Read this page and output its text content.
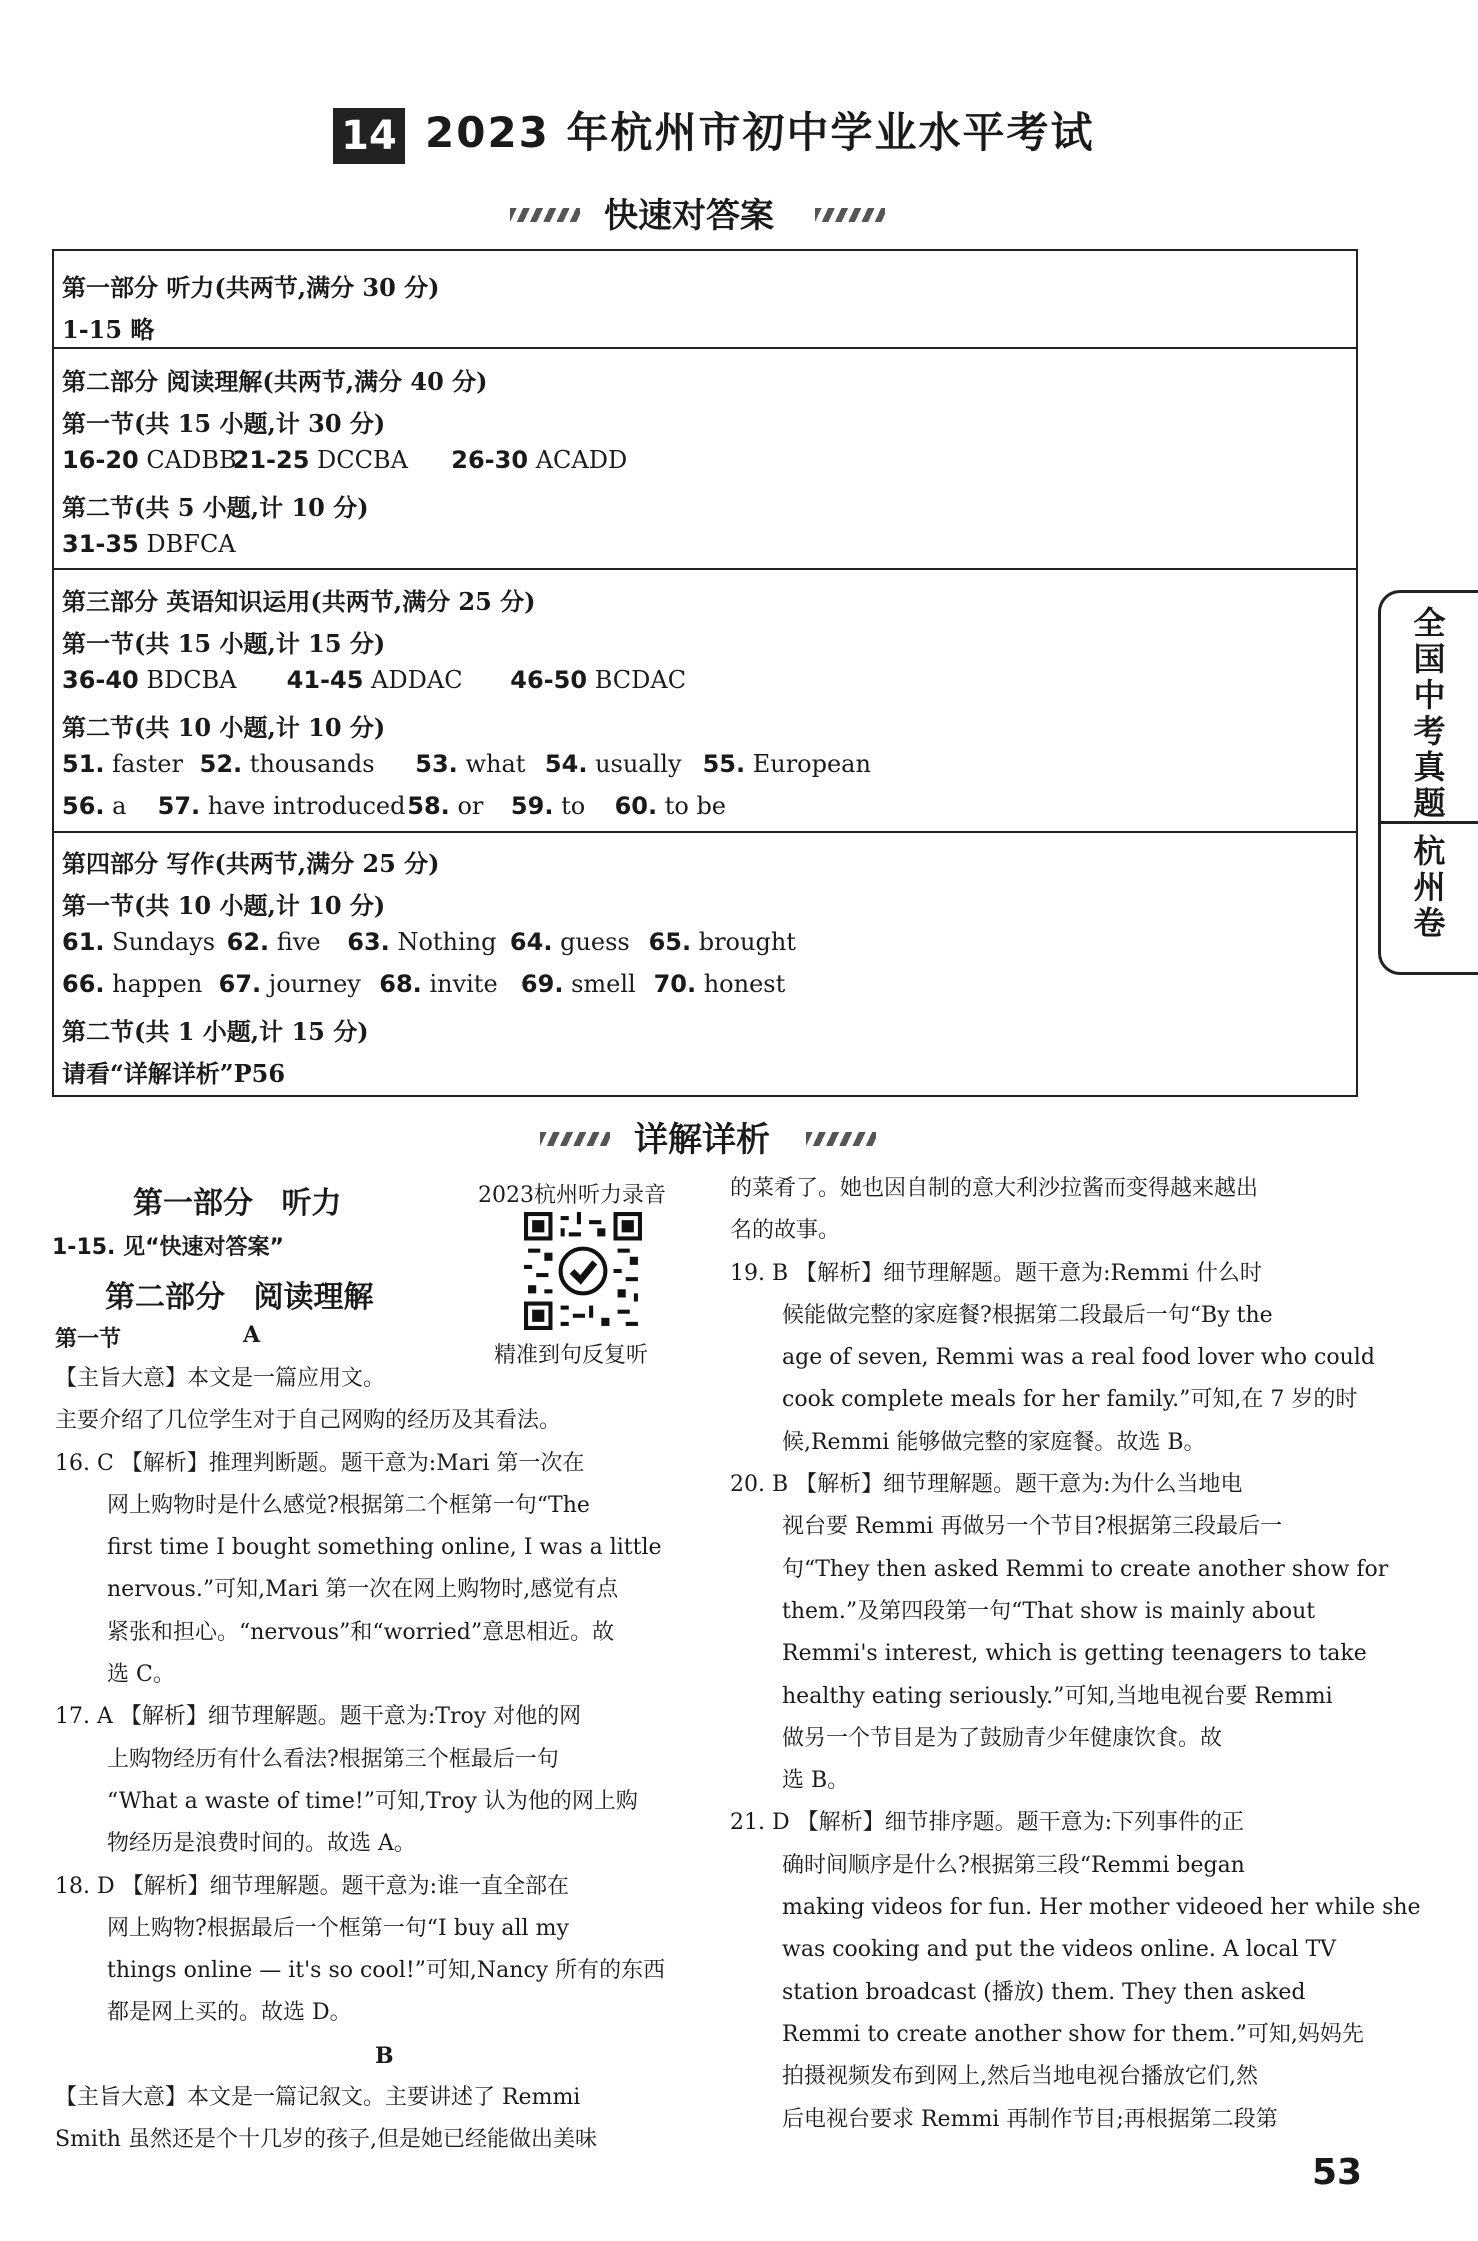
14 2023 年杭州市初中学业水平考试
快速对答案
第一部分 听力(共两节,满分 30 分)
1-15 略
第二部分 阅读理解(共两节,满分 40 分)
第一节(共 15 小题,计 30 分)
16-20 CADBB 21-25 DCCBA 26-30 ACADD
第二节(共 5 小题,计 10 分)
31-35 DBFCA
第三部分 英语知识运用(共两节,满分 25 分)
第一节(共 15 小题,计 15 分)
36-40 BDCBA 41-45 ADDAC 46-50 BCDAC
第二节(共 10 小题,计 10 分)
51. faster 52. thousands 53. what 54. usually 55. European
56. a 57. have introduced 58. or 59. to 60. to be
第四部分 写作(共两节,满分 25 分)
第一节(共 10 小题,计 10 分)
61. Sundays 62. five 63. Nothing 64. guess 65. brought
66. happen 67. journey 68. invite 69. smell 70. honest
第二节(共 1 小题,计 15 分)
请看“详解详析”P56
全
国
中
考
真
题
杭
州
卷
详解详析
第一部分 听力	2023杭州听力录音
精准到句反复听
1-15. 见“快速对答案”
第二部分 阅读理解
第一节	A

【主旨大意】本文是一篇应用文。

主要介绍了几位学生对于自己网购的经历及其看法。

16. C 【解析】推理判断题。题干意为:Mari 第一次在

网上购物时是什么感觉?根据第二个框第一句“The

first time I bought something online, I was a little

nervous.”可知,Mari 第一次在网上购物时,感觉有点

紧张和担心。“nervous”和“worried”意思相近。故

选 C。

17. A 【解析】细节理解题。题干意为:Troy 对他的网

上购物经历有什么看法?根据第三个框最后一句

“What a waste of time!”可知,Troy 认为他的网上购

物经历是浪费时间的。故选 A。

18. D 【解析】细节理解题。题干意为:谁一直全部在

网上购物?根据最后一个框第一句“I buy all my

things online — it's so cool!”可知,Nancy 所有的东西

都是网上买的。故选 D。

B

【主旨大意】本文是一篇记叙文。主要讲述了 Remmi

Smith 虽然还是个十几岁的孩子,但是她已经能做出美味

的菜肴了。她也因自制的意大利沙拉酱而变得越来越出

名的故事。

19. B 【解析】细节理解题。题干意为:Remmi 什么时

候能做完整的家庭餐?根据第二段最后一句“By the

age of seven, Remmi was a real food lover who could

cook complete meals for her family.”可知,在 7 岁的时

候,Remmi 能够做完整的家庭餐。故选 B。

20. B 【解析】细节理解题。题干意为:为什么当地电

视台要 Remmi 再做另一个节目?根据第三段最后一

句“They then asked Remmi to create another show for

them.”及第四段第一句“That show is mainly about

Remmi's interest, which is getting teenagers to take

healthy eating seriously.”可知,当地电视台要 Remmi

做另一个节目是为了鼓励青少年健康饮食。故

选 B。

21. D 【解析】细节排序题。题干意为:下列事件的正

确时间顺序是什么?根据第三段“Remmi began

making videos for fun. Her mother videoed her while she

was cooking and put the videos online. A local TV

station broadcast (播放) them. They then asked

Remmi to create another show for them.”可知,妈妈先

拍摄视频发布到网上,然后当地电视台播放它们,然

后电视台要求 Remmi 再制作节目;再根据第二段第

53
